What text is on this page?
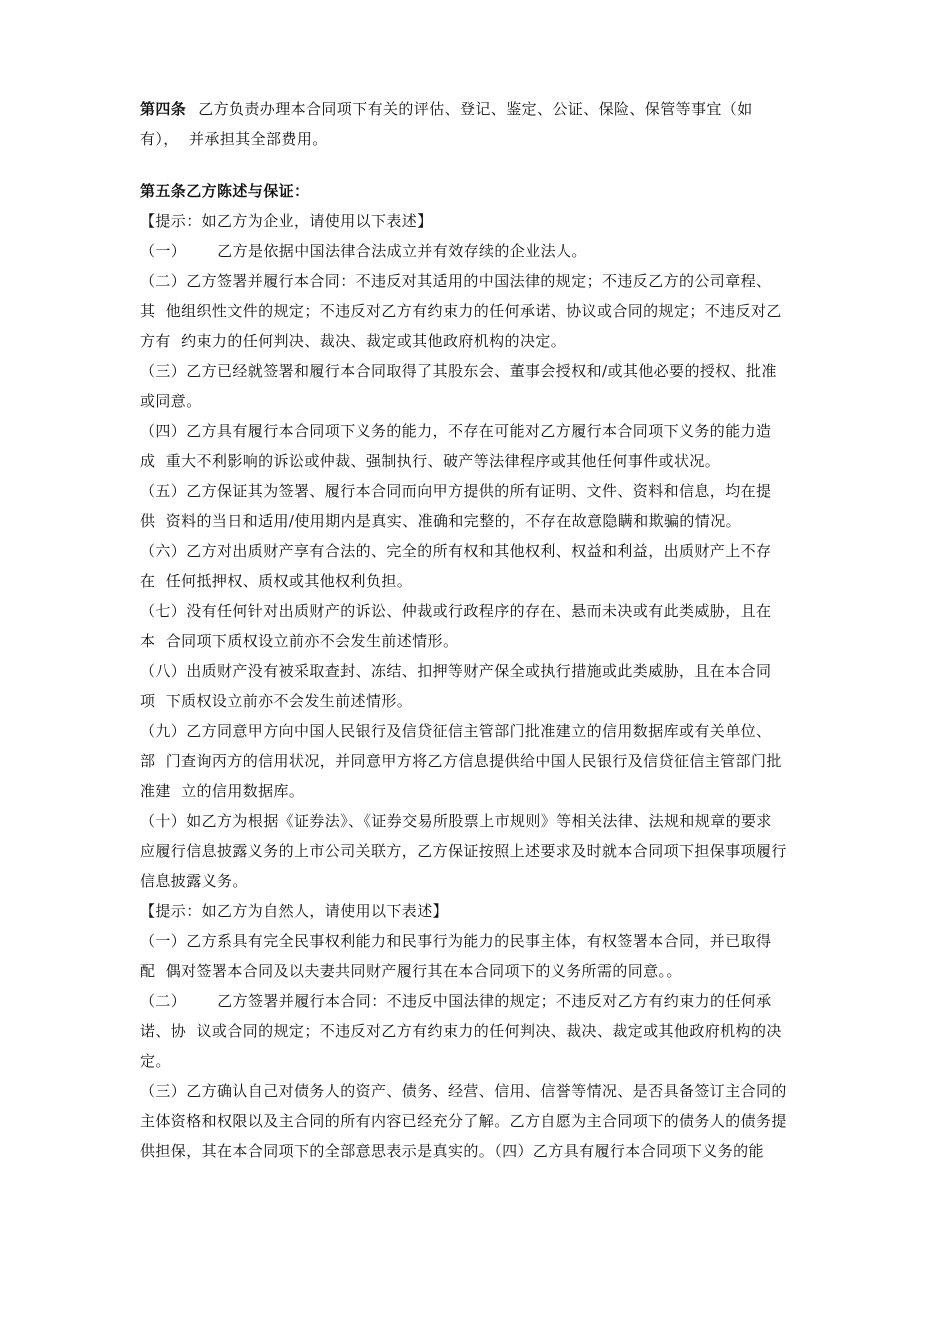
第四条 乙方负责办理本合同项下有关的评估、登记、鉴定、公证、保险、保管等事宜（如
有），  并承担其全部费用。
第五条乙方陈述与保证：
【提示：如乙方为企业，请使用以下表述】
（一）      乙方是依据中国法律合法成立并有效存续的企业法人。
（二）乙方签署并履行本合同：不违反对其适用的中国法律的规定；不违反乙方的公司章程、
其  他组织性文件的规定；不违反对乙方有约束力的任何承诺、协议或合同的规定；不违反对乙
方有  约束力的任何判决、裁决、裁定或其他政府机构的决定。
（三）乙方已经就签署和履行本合同取得了其股东会、董事会授权和/或其他必要的授权、批准
或同意。
（四）乙方具有履行本合同项下义务的能力，不存在可能对乙方履行本合同项下义务的能力造
成  重大不利影响的诉讼或仲裁、强制执行、破产等法律程序或其他任何事件或状况。
（五）乙方保证其为签署、履行本合同而向甲方提供的所有证明、文件、资料和信息，均在提
供  资料的当日和适用/使用期内是真实、准确和完整的，不存在故意隐瞒和欺骗的情况。
（六）乙方对出质财产享有合法的、完全的所有权和其他权利、权益和利益，出质财产上不存
在  任何抵押权、质权或其他权利负担。
（七）没有任何针对出质财产的诉讼、仲裁或行政程序的存在、悬而未决或有此类威胁，且在
本  合同项下质权设立前亦不会发生前述情形。
（八）出质财产没有被采取查封、冻结、扣押等财产保全或执行措施或此类威胁，且在本合同
项  下质权设立前亦不会发生前述情形。
（九）乙方同意甲方向中国人民银行及信贷征信主管部门批准建立的信用数据库或有关单位、
部  门查询丙方的信用状况，并同意甲方将乙方信息提供给中国人民银行及信贷征信主管部门批
准建  立的信用数据库。
（十）如乙方为根据《证券法》、《证券交易所股票上市规则》等相关法律、法规和规章的要求
应履行信息披露义务的上市公司关联方，乙方保证按照上述要求及时就本合同项下担保事项履行
信息披露义务。
【提示：如乙方为自然人，请使用以下表述】
（一）乙方系具有完全民事权利能力和民事行为能力的民事主体，有权签署本合同，并已取得
配  偶对签署本合同及以夫妻共同财产履行其在本合同项下的义务所需的同意。。
（二）      乙方签署并履行本合同：不违反中国法律的规定；不违反对乙方有约束力的任何承
诺、协  议或合同的规定；不违反对乙方有约束力的任何判决、裁决、裁定或其他政府机构的决
定。
（三）乙方确认自己对债务人的资产、债务、经营、信用、信誉等情况、是否具备签订主合同的
主体资格和权限以及主合同的所有内容已经充分了解。乙方自愿为主合同项下的债务人的债务提
供担保，其在本合同项下的全部意思表示是真实的。（四）乙方具有履行本合同项下义务的能
